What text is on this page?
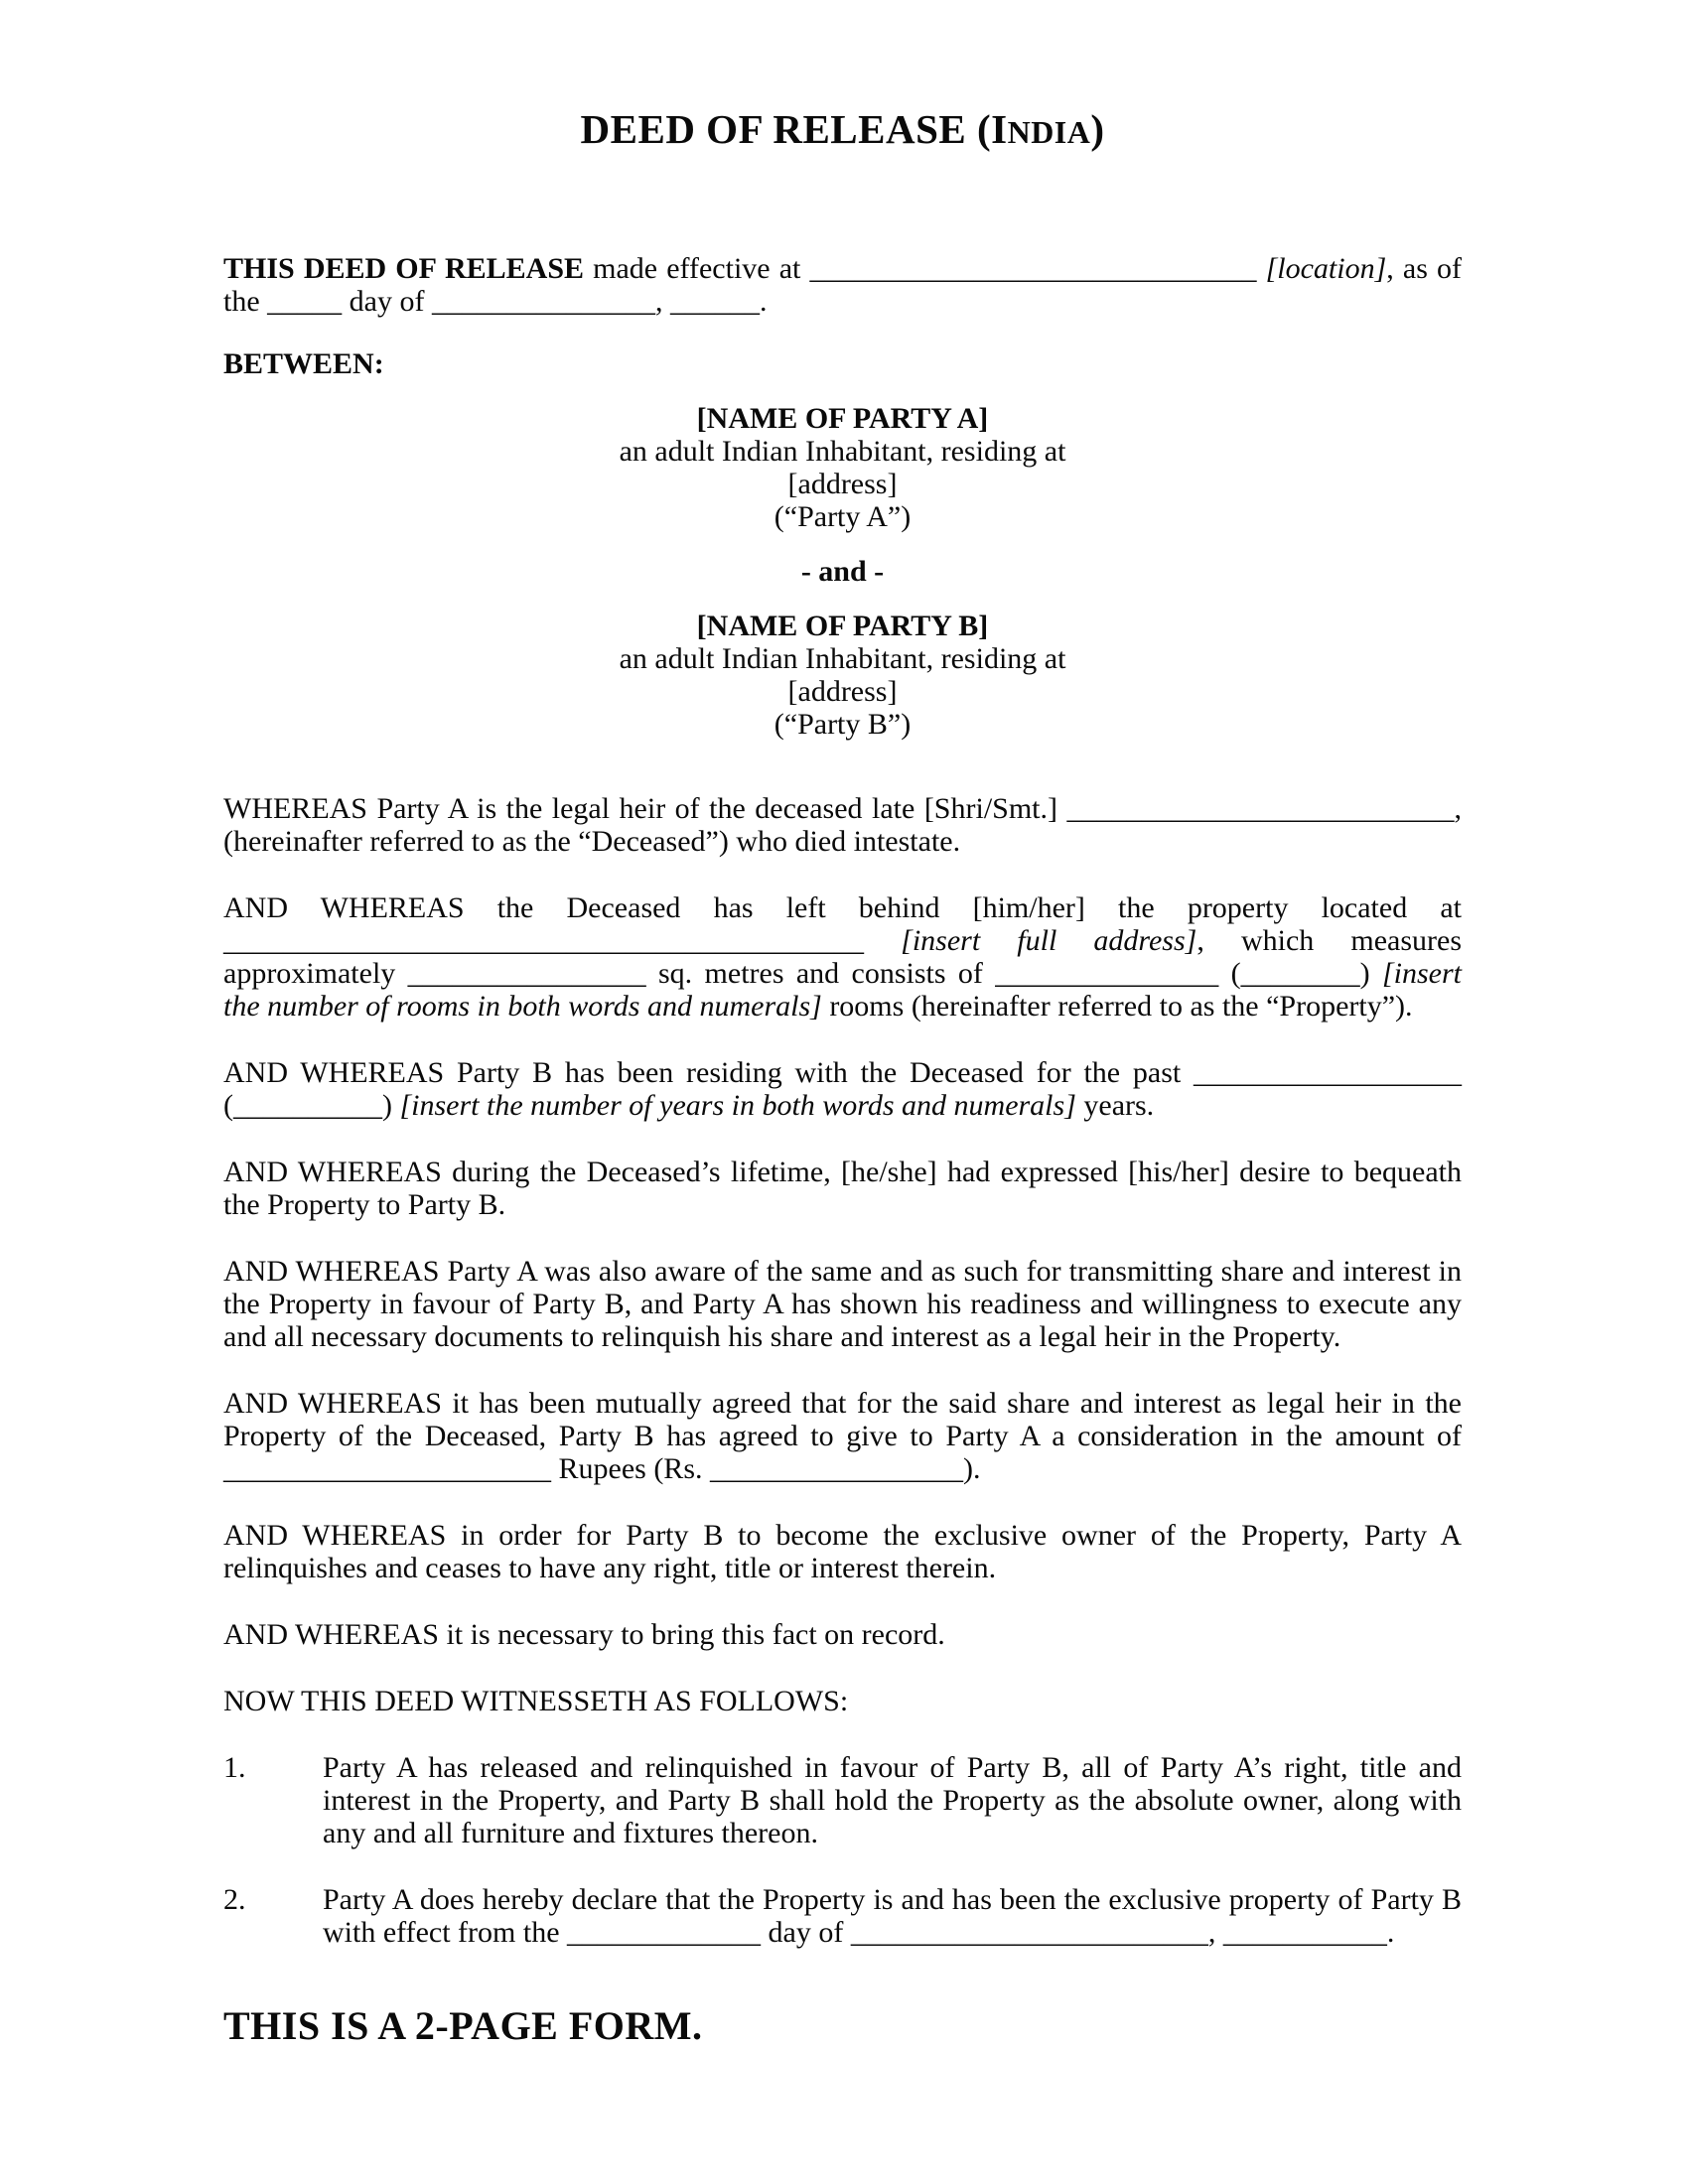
DEED OF RELEASE (INDIA)

THIS DEED OF RELEASE made effective at ______________________________ [location], as of the _____ day of _______________, ______.

BETWEEN:

[NAME OF PARTY A]

an adult Indian Inhabitant, residing at

[address]

(“Party A”)

- and -

[NAME OF PARTY B]

an adult Indian Inhabitant, residing at

[address]

(“Party B”)

WHEREAS Party A is the legal heir of the deceased late [Shri/Smt.] __________________________, (hereinafter referred to as the “Deceased”) who died intestate.

AND WHEREAS the Deceased has left behind [him/her] the property located at ___________________________________________ [insert full address], which measures approximately ________________ sq. metres and consists of _______________ (________) [insert the number of rooms in both words and numerals] rooms (hereinafter referred to as the “Property”).

AND WHEREAS Party B has been residing with the Deceased for the past __________________ (__________) [insert the number of years in both words and numerals] years.

AND WHEREAS during the Deceased’s lifetime, [he/she] had expressed [his/her] desire to bequeath the Property to Party B.

AND WHEREAS Party A was also aware of the same and as such for transmitting share and interest in the Property in favour of Party B, and Party A has shown his readiness and willingness to execute any and all necessary documents to relinquish his share and interest as a legal heir in the Property.

AND WHEREAS it has been mutually agreed that for the said share and interest as legal heir in the Property of the Deceased, Party B has agreed to give to Party A a consideration in the amount of ______________________ Rupees (Rs. _________________).

AND WHEREAS in order for Party B to become the exclusive owner of the Property, Party A relinquishes and ceases to have any right, title or interest therein.

AND WHEREAS it is necessary to bring this fact on record.

NOW THIS DEED WITNESSETH AS FOLLOWS:

1.	Party A has released and relinquished in favour of Party B, all of Party A’s right, title and interest in the Property, and Party B shall hold the Property as the absolute owner, along with any and all furniture and fixtures thereon.
2.	Party A does hereby declare that the Property is and has been the exclusive property of Party B with effect from the _____________ day of ________________________, ___________.

THIS IS A 2-PAGE FORM.
